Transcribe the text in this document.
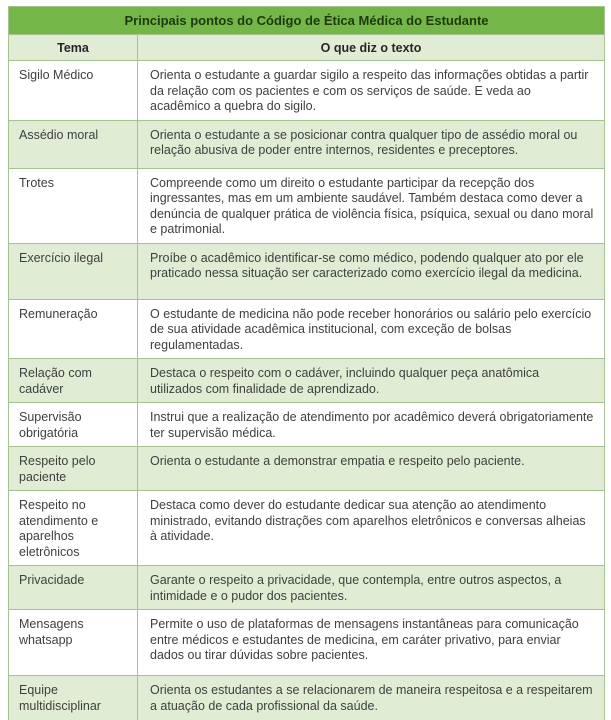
Principais pontos do Código de Ética Médica do Estudante	
Tema	O que diz o texto
Sigilo Médico	Orienta o estudante a guardar sigilo a respeito das informações obtidas a partir da relação com os pacientes e com os serviços de saúde. E veda ao acadêmico a quebra do sigilo.
Assédio moral	Orienta o estudante a se posicionar contra qualquer tipo de assédio moral ou relação abusiva de poder entre internos, residentes e preceptores.
Trotes	Compreende como um direito o estudante participar da recepção dos ingressantes, mas em um ambiente saudável. Também destaca como dever a denúncia de qualquer prática de violência física, psíquica, sexual ou dano moral e patrimonial.
Exercício ilegal	Proíbe o acadêmico identificar-se como médico, podendo qualquer ato por ele praticado nessa situação ser caracterizado como exercício ilegal da medicina.
Remuneração	O estudante de medicina não pode receber honorários ou salário pelo exercício de sua atividade acadêmica institucional, com exceção de bolsas regulamentadas.
Relação com cadáver	Destaca o respeito com o cadáver, incluindo qualquer peça anatômica utilizados com finalidade de aprendizado.
Supervisão obrigatória	Instrui que a realização de atendimento por acadêmico deverá obrigatoriamente ter supervisão médica.
Respeito pelo paciente	Orienta o estudante a demonstrar empatia e respeito pelo paciente.
Respeito no atendimento e aparelhos eletrônicos	Destaca como dever do estudante dedicar sua atenção ao atendimento ministrado, evitando distrações com aparelhos eletrônicos e conversas alheias à atividade.
Privacidade	Garante o respeito a privacidade, que contempla, entre outros aspectos, a intimidade e o pudor dos pacientes.
Mensagens whatsapp	Permite o uso de plataformas de mensagens instantâneas para comunicação entre médicos e estudantes de medicina, em caráter privativo, para enviar dados ou tirar dúvidas sobre pacientes.
Equipe multidisciplinar	Orienta os estudantes a se relacionarem de maneira respeitosa e a respeitarem a atuação de cada profissional da saúde.
